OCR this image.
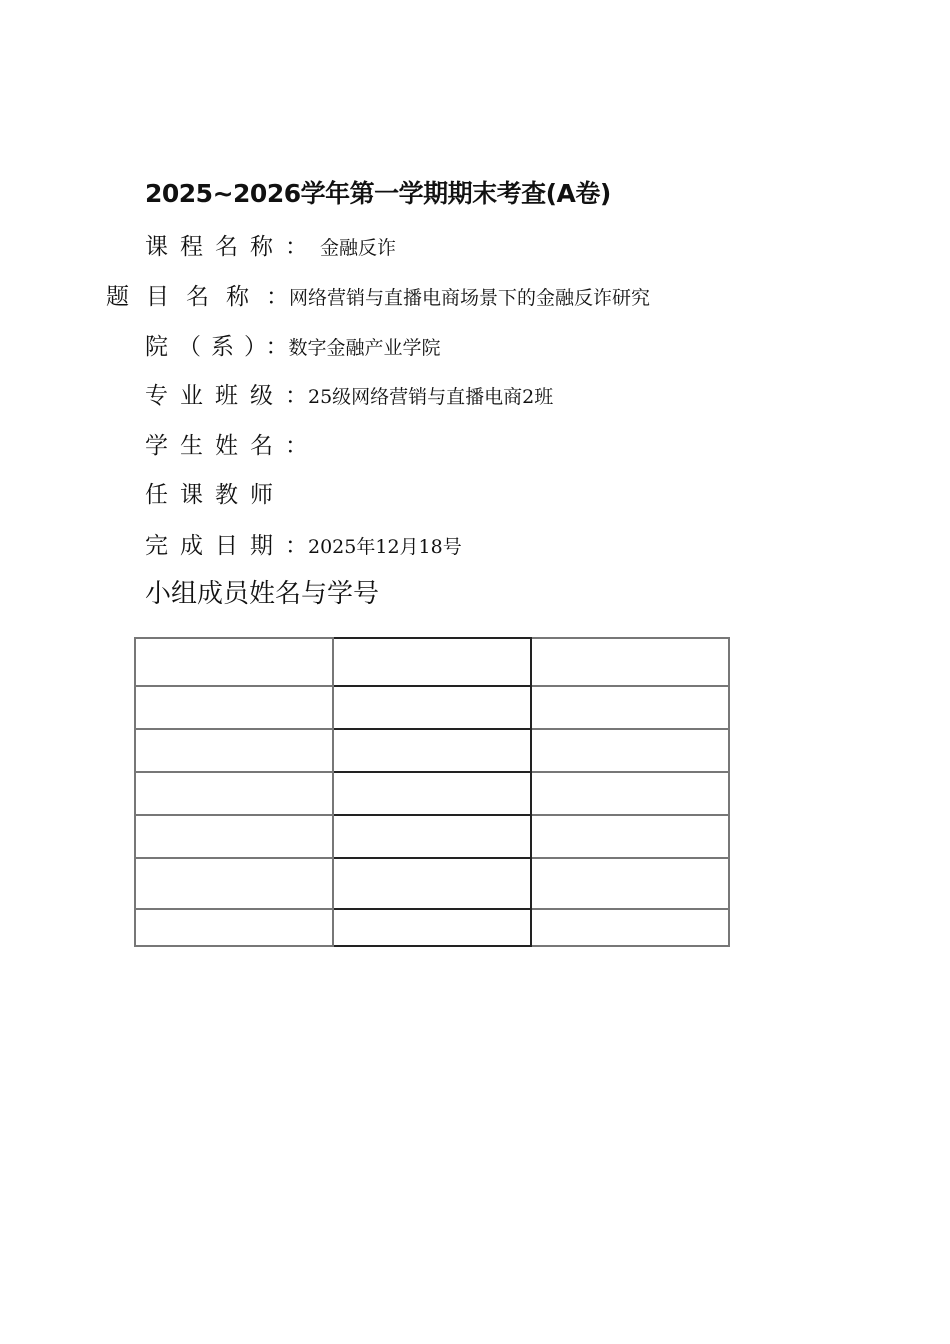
2025~2026学年第一学期期末考查(A卷)
课程名称：金融反诈
题目名称：网络营销与直播电商场景下的金融反诈研究
院（系）：数字金融产业学院
专业班级：25级网络营销与直播电商2班
学生姓名：
任课教师
完成日期：2025年12月18号
小组成员姓名与学号
